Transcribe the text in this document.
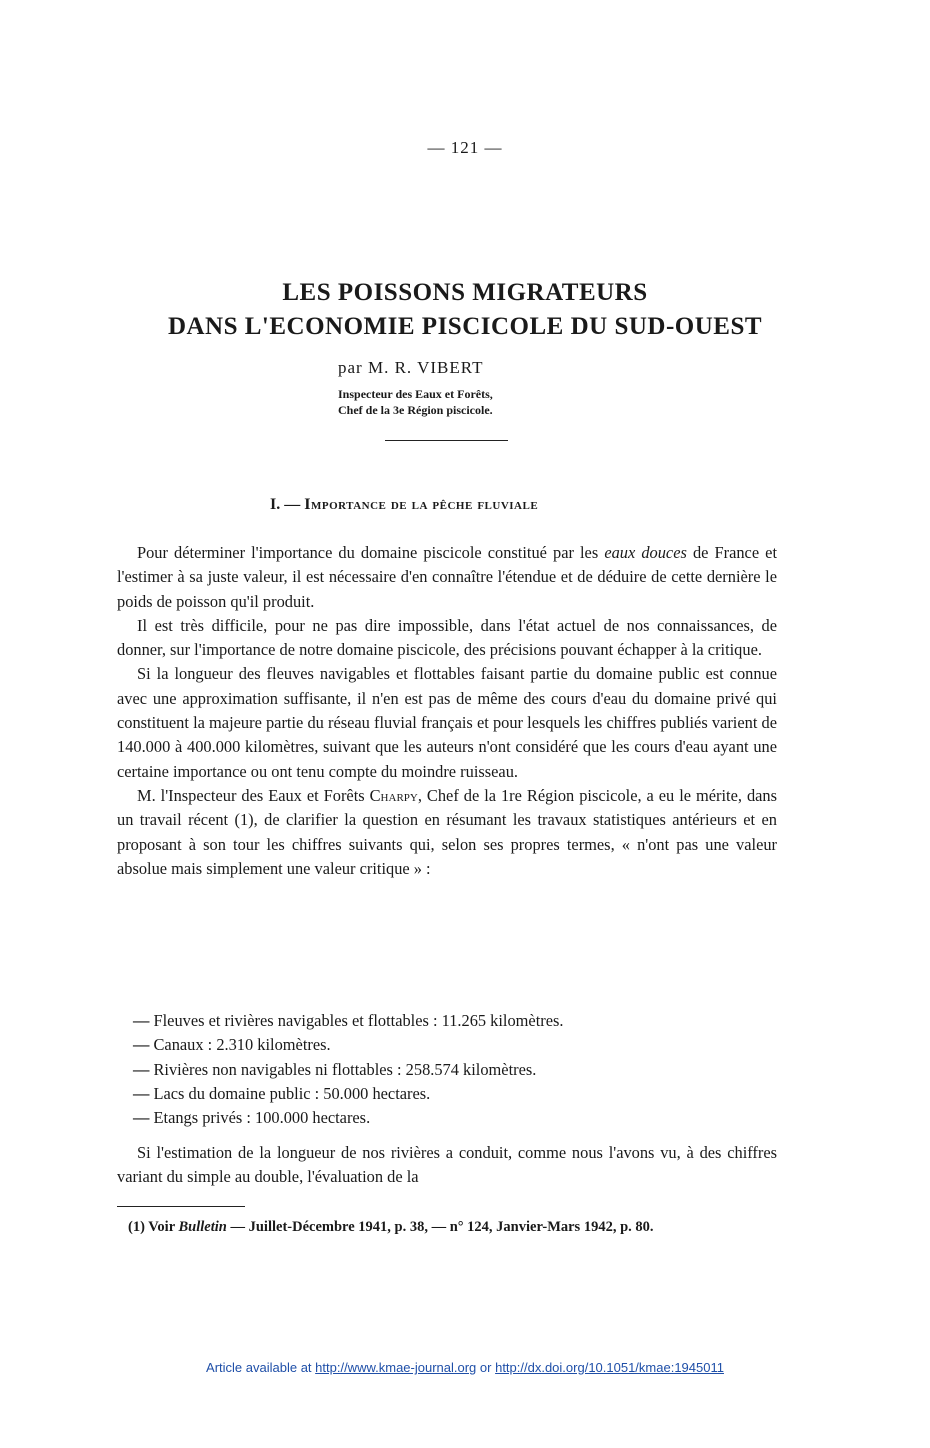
— 121 —
LES POISSONS MIGRATEURS
DANS L'ECONOMIE PISCICOLE DU SUD-OUEST
par M. R. VIBERT
Inspecteur des Eaux et Forêts,
Chef de la 3e Région piscicole.
I. — Importance de la pêche fluviale

Pour déterminer l'importance du domaine piscicole constitué par les eaux douces de France et l'estimer à sa juste valeur, il est nécessaire d'en connaître l'étendue et de déduire de cette dernière le poids de poisson qu'il produit.

Il est très difficile, pour ne pas dire impossible, dans l'état actuel de nos connaissances, de donner, sur l'importance de notre domaine piscicole, des précisions pouvant échapper à la critique.

Si la longueur des fleuves navigables et flottables faisant partie du domaine public est connue avec une approximation suffisante, il n'en est pas de même des cours d'eau du domaine privé qui constituent la majeure partie du réseau fluvial français et pour lesquels les chiffres publiés varient de 140.000 à 400.000 kilomètres, suivant que les auteurs n'ont considéré que les cours d'eau ayant une certaine importance ou ont tenu compte du moindre ruisseau.

M. l'Inspecteur des Eaux et Forêts Charpy, Chef de la 1re Région piscicole, a eu le mérite, dans un travail récent (1), de clarifier la question en résumant les travaux statistiques antérieurs et en proposant à son tour les chiffres suivants qui, selon ses propres termes, « n'ont pas une valeur absolue mais simplement une valeur critique » :

— Fleuves et rivières navigables et flottables : 11.265 kilomètres.
— Canaux : 2.310 kilomètres.
— Rivières non navigables ni flottables : 258.574 kilomètres.
— Lacs du domaine public : 50.000 hectares.
— Etangs privés : 100.000 hectares.

Si l'estimation de la longueur de nos rivières a conduit, comme nous l'avons vu, à des chiffres variant du simple au double, l'évaluation de la

(1) Voir Bulletin — Juillet-Décembre 1941, p. 38, — n° 124, Janvier-Mars 1942, p. 80.
Article available at http://www.kmae-journal.org or http://dx.doi.org/10.1051/kmae:1945011
